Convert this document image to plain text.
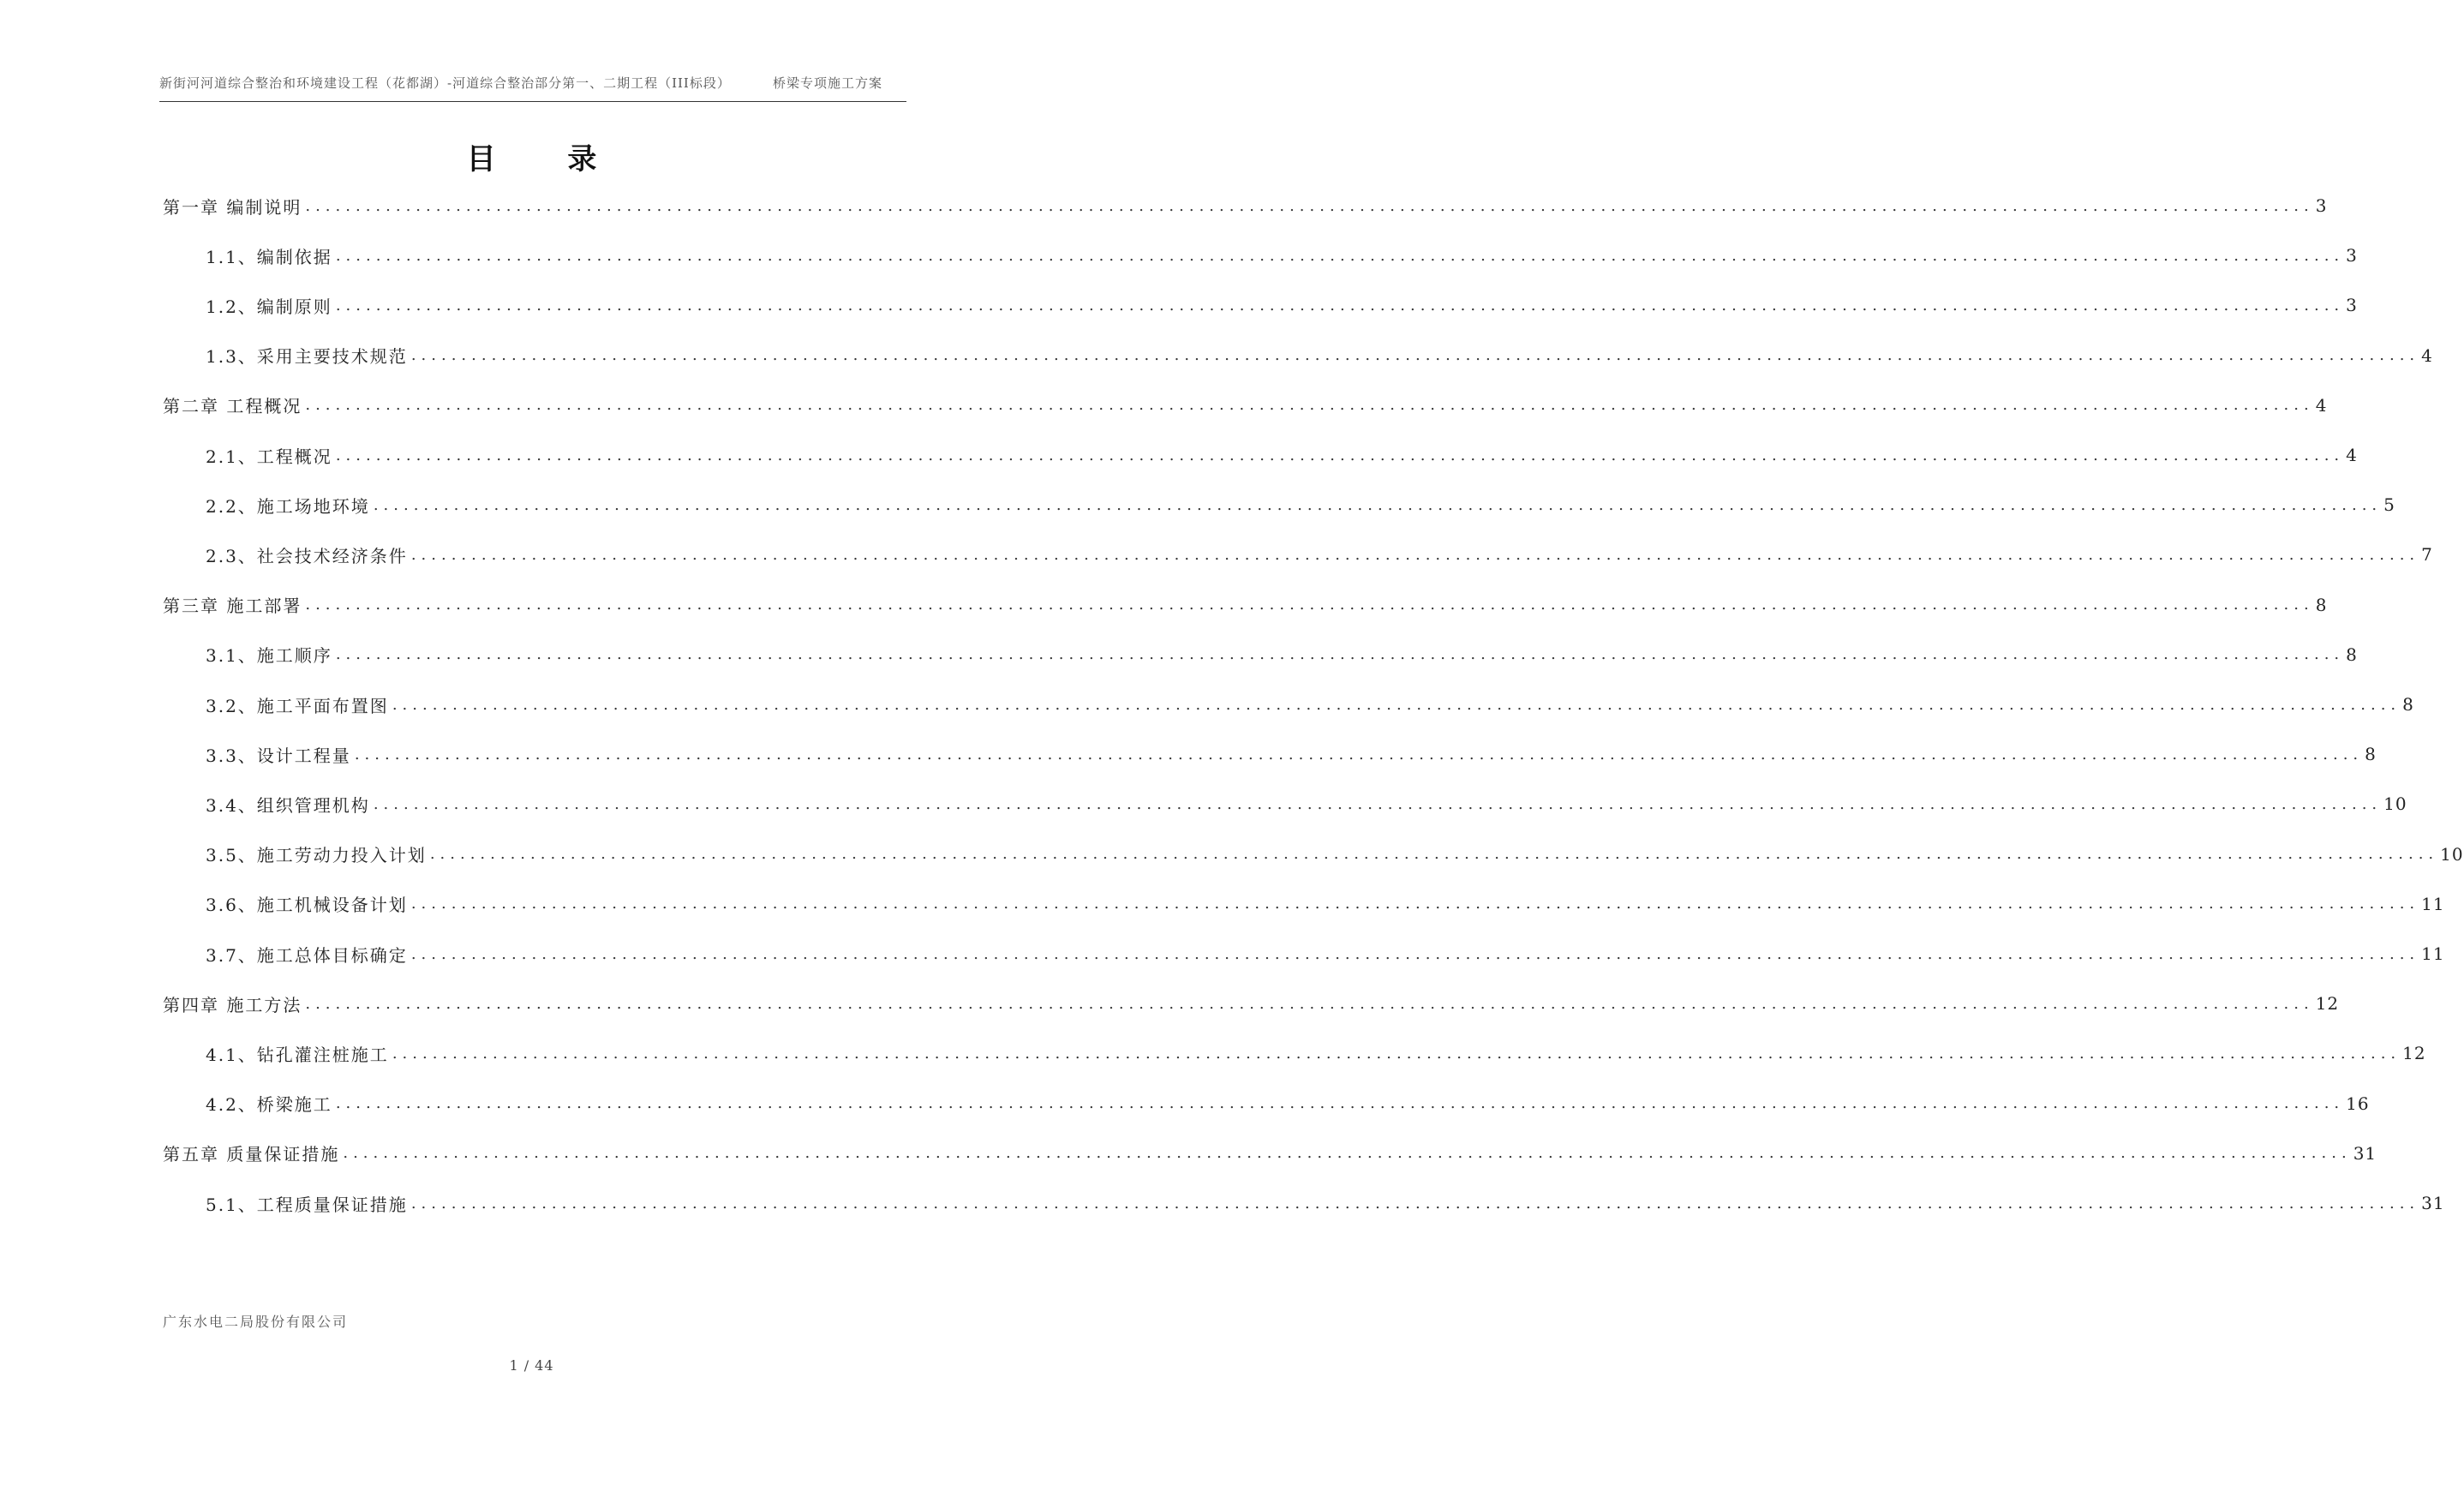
新街河河道综合整治和环境建设工程（花都湖）-河道综合整治部分第一、二期工程（III标段）	桥梁专项施工方案
目 录
第一章 编制说明 ........................................................................................................................................................................................................ 3
1.1、编制依据 ........................................................................................................................................................................................................ 3
1.2、编制原则 ........................................................................................................................................................................................................ 3
1.3、采用主要技术规范 ........................................................................................................................................................................................................ 4
第二章 工程概况 ........................................................................................................................................................................................................ 4
2.1、工程概况 ........................................................................................................................................................................................................ 4
2.2、施工场地环境 ........................................................................................................................................................................................................ 5
2.3、社会技术经济条件 ........................................................................................................................................................................................................ 7
第三章 施工部署 ........................................................................................................................................................................................................ 8
3.1、施工顺序 ........................................................................................................................................................................................................ 8
3.2、施工平面布置图 ........................................................................................................................................................................................................ 8
3.3、设计工程量 ........................................................................................................................................................................................................ 8
3.4、组织管理机构 ........................................................................................................................................................................................................ 10
3.5、施工劳动力投入计划 ........................................................................................................................................................................................................ 10
3.6、施工机械设备计划 ........................................................................................................................................................................................................ 11
3.7、施工总体目标确定 ........................................................................................................................................................................................................ 11
第四章 施工方法 ........................................................................................................................................................................................................ 12
4.1、钻孔灌注桩施工 ........................................................................................................................................................................................................ 12
4.2、桥梁施工 ........................................................................................................................................................................................................ 16
第五章 质量保证措施 ........................................................................................................................................................................................................ 31
5.1、工程质量保证措施 ........................................................................................................................................................................................................ 31
广东水电二局股份有限公司
1 / 44
